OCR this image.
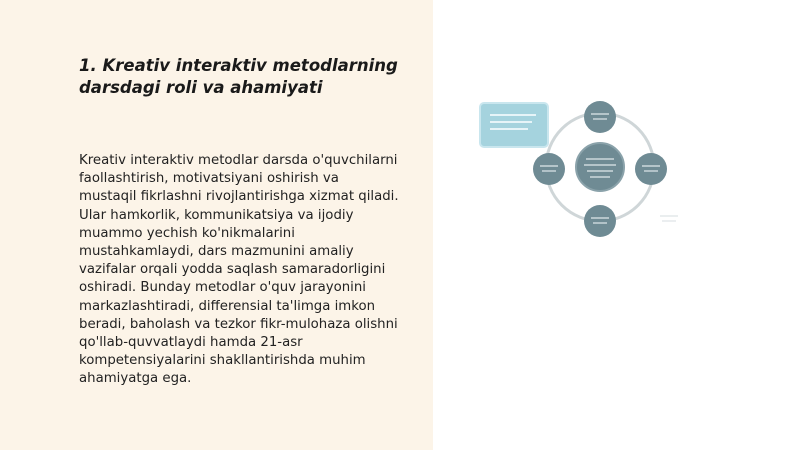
1. Kreativ interaktiv metodlarning
darsdagi roli va ahamiyati

Kreativ interaktiv metodlar darsda o'quvchilarni faollashtirish, motivatsiyani oshirish va mustaqil fikrlashni rivojlantirishga xizmat qiladi. Ular hamkorlik, kommunikatsiya va ijodiy muammo yechish ko'nikmalarini mustahkamlaydi, dars mazmunini amaliy vazifalar orqali yodda saqlash samaradorligini oshiradi. Bunday metodlar o'quv jarayonini markazlashtiradi, differensial ta'limga imkon beradi, baholash va tezkor fikr-mulohaza olishni qo'llab-quvvatlaydi hamda 21-asr kompetensiyalarini shakllantirishda muhim ahamiyatga ega.
